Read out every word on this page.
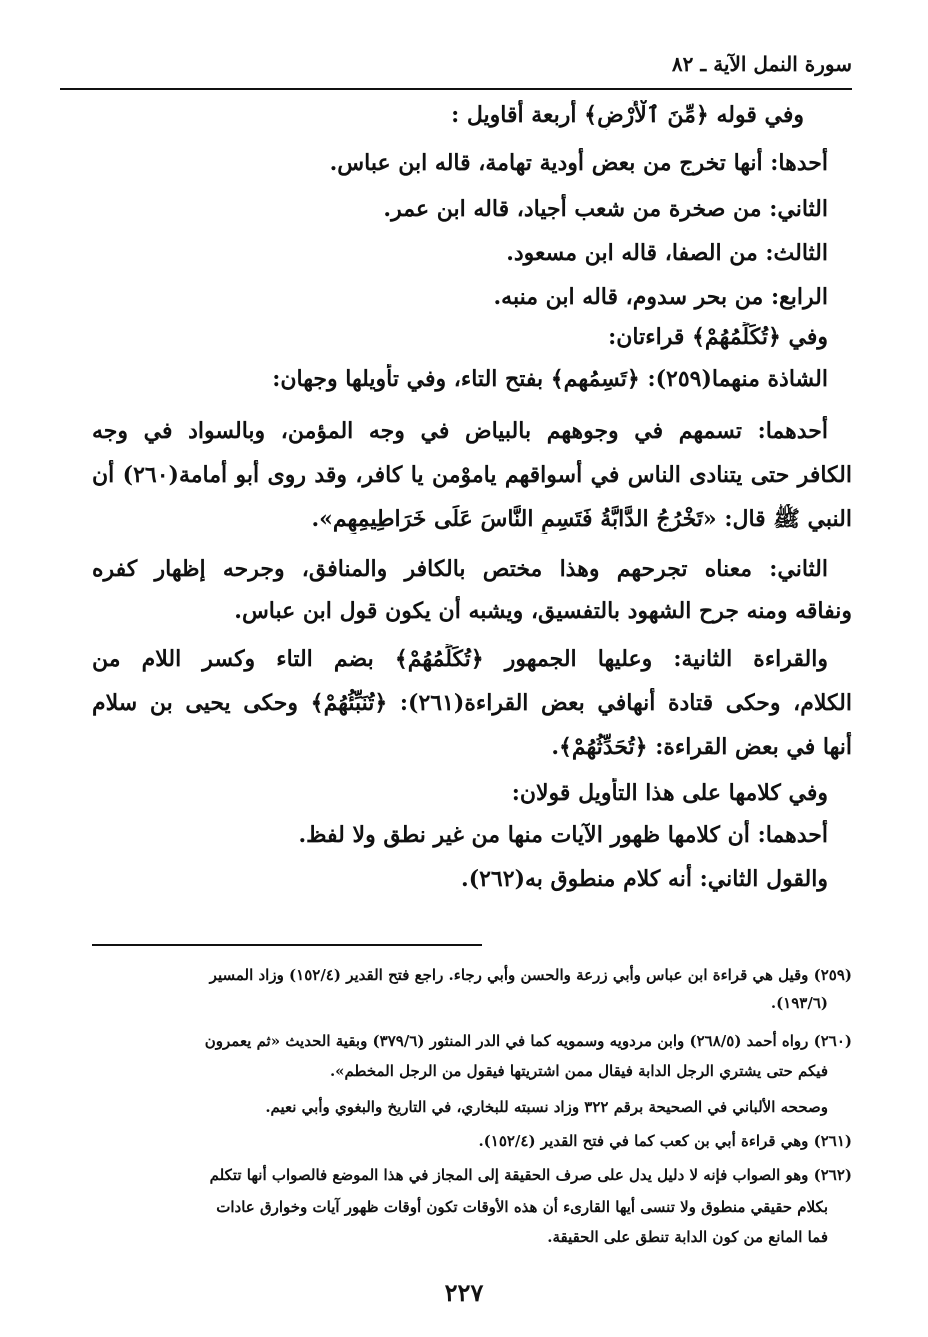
سورة النمل الآية ـ ٨٢
وفي قوله ﴿مِّنَ ٱلْأَرْضِ﴾ أربعة أقاويل :
أحدها: أنها تخرج من بعض أودية تهامة، قاله ابن عباس.
الثاني: من صخرة من شعب أجياد، قاله ابن عمر.
الثالث: من الصفا، قاله ابن مسعود.
الرابع: من بحر سدوم، قاله ابن منبه.
وفي ﴿تُكَلِّمُهُمْ﴾ قراءتان:
الشاذة منهما(٢٥٩): ﴿تَسِمُهم﴾ بفتح التاء، وفي تأويلها وجهان:
أحدهما: تسمهم في وجوههم بالبياض في وجه المؤمن، وبالسواد في وجه
الكافر حتى يتنادى الناس في أسواقهم ياموْمن يا كافر، وقد روى أبو أمامة(٢٦٠) أن
النبي ﷺ قال: «تَخْرُجُ الدَّابَّةُ فَتَسِمِ النَّاسَ عَلَى خَرَاطِيمِهِم».
الثاني: معناه تجرحهم وهذا مختص بالكافر والمنافق، وجرحه إظهار كفره
ونفاقه ومنه جرح الشهود بالتفسيق، ويشبه أن يكون قول ابن عباس.
والقراءة الثانية: وعليها الجمهور ﴿تُكَلِّمُهُمْ﴾ بضم التاء وكسر اللام من
الكلام، وحكى قتادة أنهافي بعض القراءة(٢٦١): ﴿تُنَبِّئُهُمْ﴾ وحكى يحيى بن سلام
أنها في بعض القراءة: ﴿تُحَدِّثُهُمْ﴾.
وفي كلامها على هذا التأويل قولان:
أحدهما: أن كلامها ظهور الآيات منها من غير نطق ولا لفظ.
والقول الثاني: أنه كلام منطوق به(٢٦٢).
(٢٥٩) وقيل هي قراءة ابن عباس وأبي زرعة والحسن وأبي رجاء. راجع فتح القدير (١٥٢/٤) وزاد المسير
(١٩٣/٦).
(٢٦٠) رواه أحمد (٢٦٨/٥) وابن مردويه وسمويه كما في الدر المنثور (٣٧٩/٦) وبقية الحديث «ثم يعمرون
فيكم حتى يشتري الرجل الدابة فيقال ممن اشتريتها فيقول من الرجل المخطم».
وصححه الألباني في الصحيحة برقم ٣٢٢ وزاد نسبته للبخاري، في التاريخ والبغوي وأبي نعيم.
(٢٦١) وهي قراءة أبي بن كعب كما في فتح القدير (١٥٢/٤).
(٢٦٢) وهو الصواب فإنه لا دليل يدل على صرف الحقيقة إلى المجاز في هذا الموضع فالصواب أنها تتكلم
بكلام حقيقي منطوق ولا تنسى أيها القارىء أن هذه الأوقات تكون أوقات ظهور آيات وخوارق عادات
فما المانع من كون الدابة تنطق على الحقيقة.
٢٢٧
